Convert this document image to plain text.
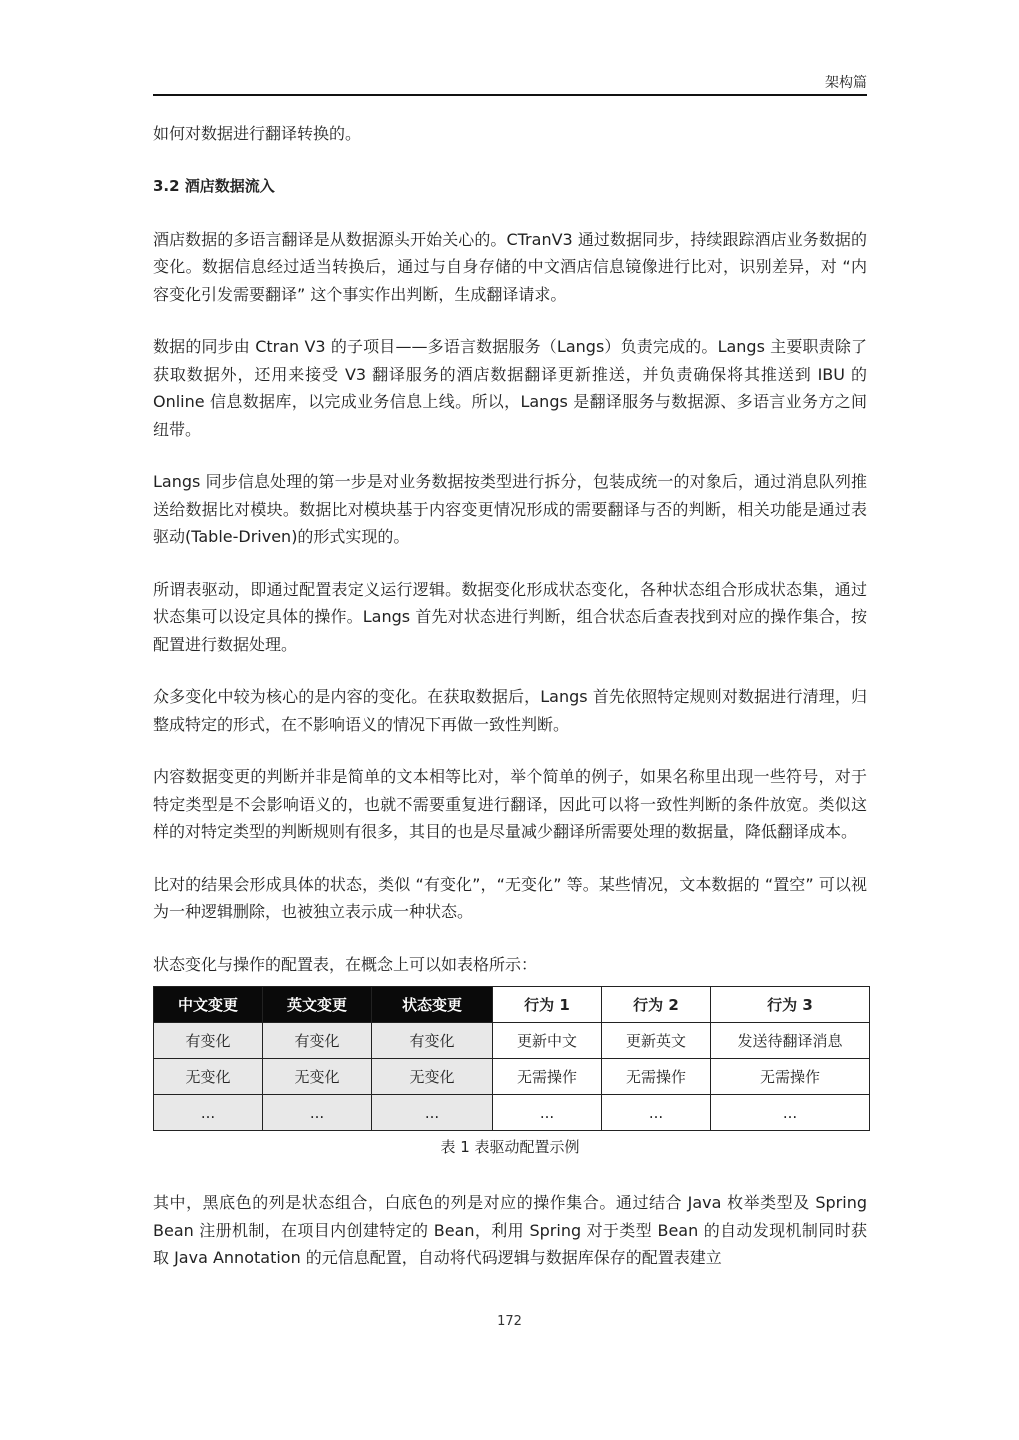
架构篇

如何对数据进行翻译转换的。

3.2 酒店数据流入

酒店数据的多语言翻译是从数据源头开始关心的。CTranV3 通过数据同步，持续跟踪酒店业务数据的变化。数据信息经过适当转换后，通过与自身存储的中文酒店信息镜像进行比对，识别差异，对 “内容变化引发需要翻译” 这个事实作出判断，生成翻译请求。

数据的同步由 Ctran V3 的子项目——多语言数据服务（Langs）负责完成的。Langs 主要职责除了获取数据外，还用来接受 V3 翻译服务的酒店数据翻译更新推送，并负责确保将其推送到 IBU 的 Online 信息数据库，以完成业务信息上线。所以，Langs 是翻译服务与数据源、多语言业务方之间纽带。

Langs 同步信息处理的第一步是对业务数据按类型进行拆分，包装成统一的对象后，通过消息队列推送给数据比对模块。数据比对模块基于内容变更情况形成的需要翻译与否的判断，相关功能是通过表驱动(Table-Driven)的形式实现的。

所谓表驱动，即通过配置表定义运行逻辑。数据变化形成状态变化，各种状态组合形成状态集，通过状态集可以设定具体的操作。Langs 首先对状态进行判断，组合状态后查表找到对应的操作集合，按配置进行数据处理。

众多变化中较为核心的是内容的变化。在获取数据后，Langs 首先依照特定规则对数据进行清理，归整成特定的形式，在不影响语义的情况下再做一致性判断。

内容数据变更的判断并非是简单的文本相等比对，举个简单的例子，如果名称里出现一些符号，对于特定类型是不会影响语义的，也就不需要重复进行翻译，因此可以将一致性判断的条件放宽。类似这样的对特定类型的判断规则有很多，其目的也是尽量减少翻译所需要处理的数据量，降低翻译成本。

比对的结果会形成具体的状态，类似 “有变化”，“无变化” 等。某些情况，文本数据的 “置空” 可以视为一种逻辑删除，也被独立表示成一种状态。

状态变化与操作的配置表，在概念上可以如表格所示：

中文变更	英文变更	状态变更	行为 1	行为 2	行为 3
有变化	有变化	有变化	更新中文	更新英文	发送待翻译消息
无变化	无变化	无变化	无需操作	无需操作	无需操作
...	...	...	...	...	...
表 1 表驱动配置示例

其中，黑底色的列是状态组合，白底色的列是对应的操作集合。通过结合 Java 枚举类型及 Spring Bean 注册机制，在项目内创建特定的 Bean，利用 Spring 对于类型 Bean 的自动发现机制同时获取 Java Annotation 的元信息配置，自动将代码逻辑与数据库保存的配置表建立

172
